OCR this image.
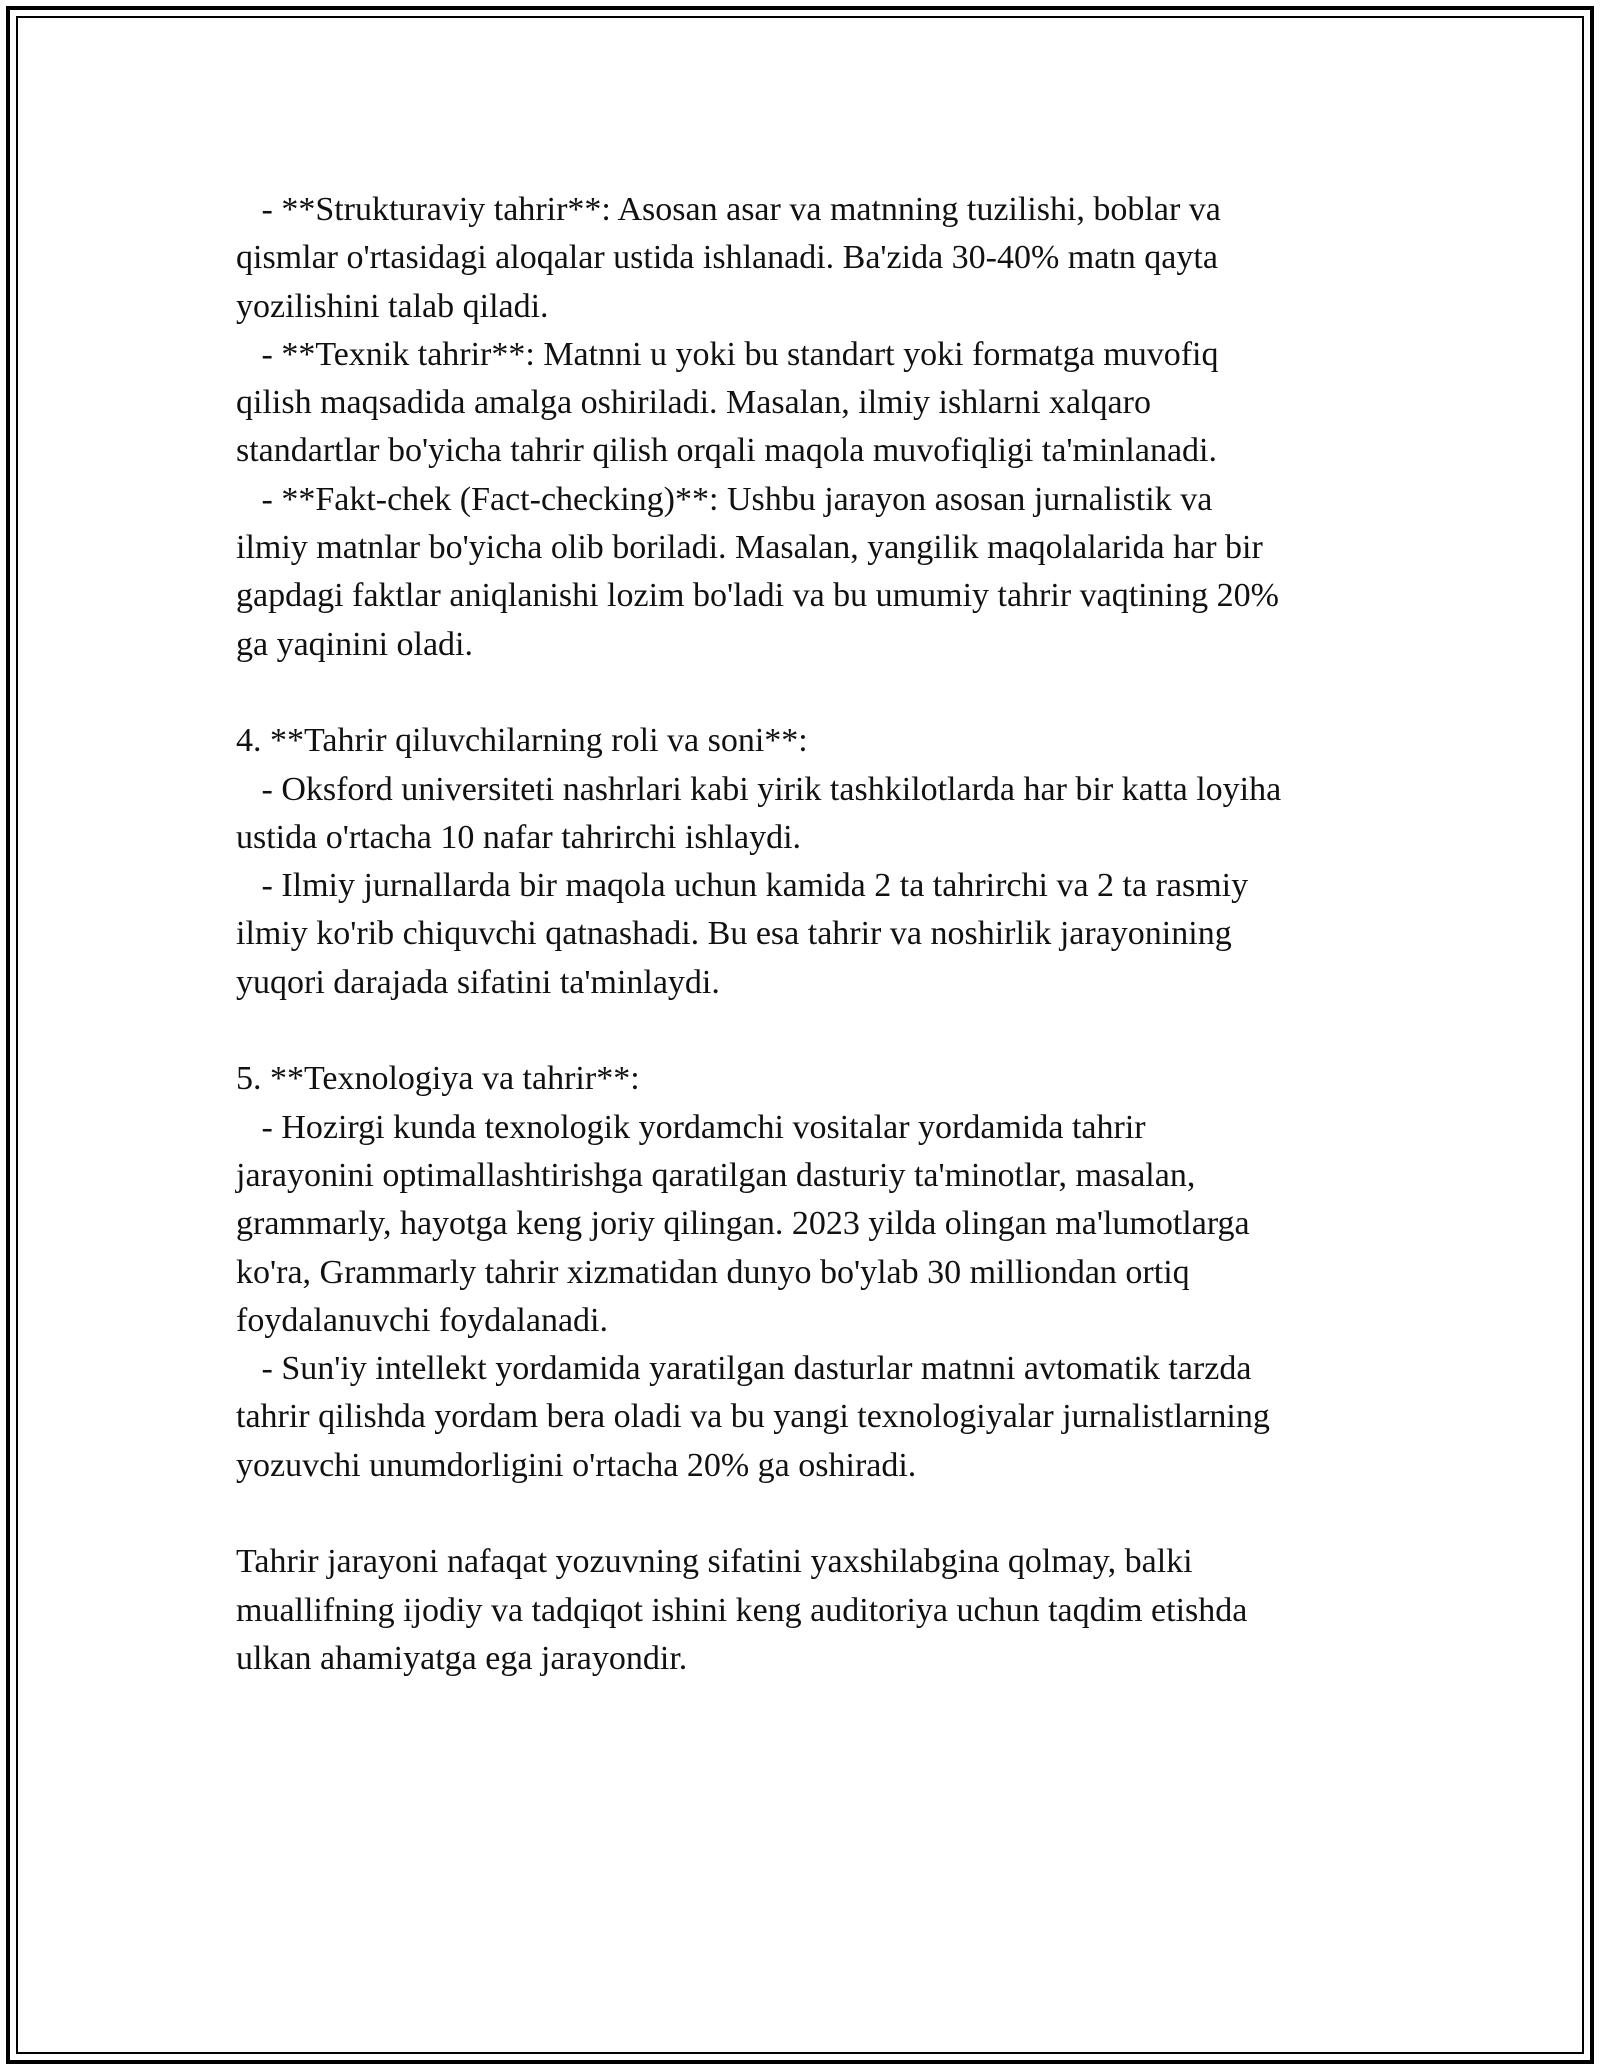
- **Strukturaviy tahrir**: Asosan asar va matnning tuzilishi, boblar va

qismlar o'rtasidagi aloqalar ustida ishlanadi. Ba'zida 30-40% matn qayta

yozilishini talab qiladi.

- **Texnik tahrir**: Matnni u yoki bu standart yoki formatga muvofiq

qilish maqsadida amalga oshiriladi. Masalan, ilmiy ishlarni xalqaro

standartlar bo'yicha tahrir qilish orqali maqola muvofiqligi ta'minlanadi.

- **Fakt-chek (Fact-checking)**: Ushbu jarayon asosan jurnalistik va

ilmiy matnlar bo'yicha olib boriladi. Masalan, yangilik maqolalarida har bir

gapdagi faktlar aniqlanishi lozim bo'ladi va bu umumiy tahrir vaqtining 20%

ga yaqinini oladi.

4. **Tahrir qiluvchilarning roli va soni**:

- Oksford universiteti nashrlari kabi yirik tashkilotlarda har bir katta loyiha

ustida o'rtacha 10 nafar tahrirchi ishlaydi.

- Ilmiy jurnallarda bir maqola uchun kamida 2 ta tahrirchi va 2 ta rasmiy

ilmiy ko'rib chiquvchi qatnashadi. Bu esa tahrir va noshirlik jarayonining

yuqori darajada sifatini ta'minlaydi.

5. **Texnologiya va tahrir**:

- Hozirgi kunda texnologik yordamchi vositalar yordamida tahrir

jarayonini optimallashtirishga qaratilgan dasturiy ta'minotlar, masalan,

grammarly, hayotga keng joriy qilingan. 2023 yilda olingan ma'lumotlarga

ko'ra, Grammarly tahrir xizmatidan dunyo bo'ylab 30 milliondan ortiq

foydalanuvchi foydalanadi.

- Sun'iy intellekt yordamida yaratilgan dasturlar matnni avtomatik tarzda

tahrir qilishda yordam bera oladi va bu yangi texnologiyalar jurnalistlarning

yozuvchi unumdorligini o'rtacha 20% ga oshiradi.

Tahrir jarayoni nafaqat yozuvning sifatini yaxshilabgina qolmay, balki

muallifning ijodiy va tadqiqot ishini keng auditoriya uchun taqdim etishda

ulkan ahamiyatga ega jarayondir.
